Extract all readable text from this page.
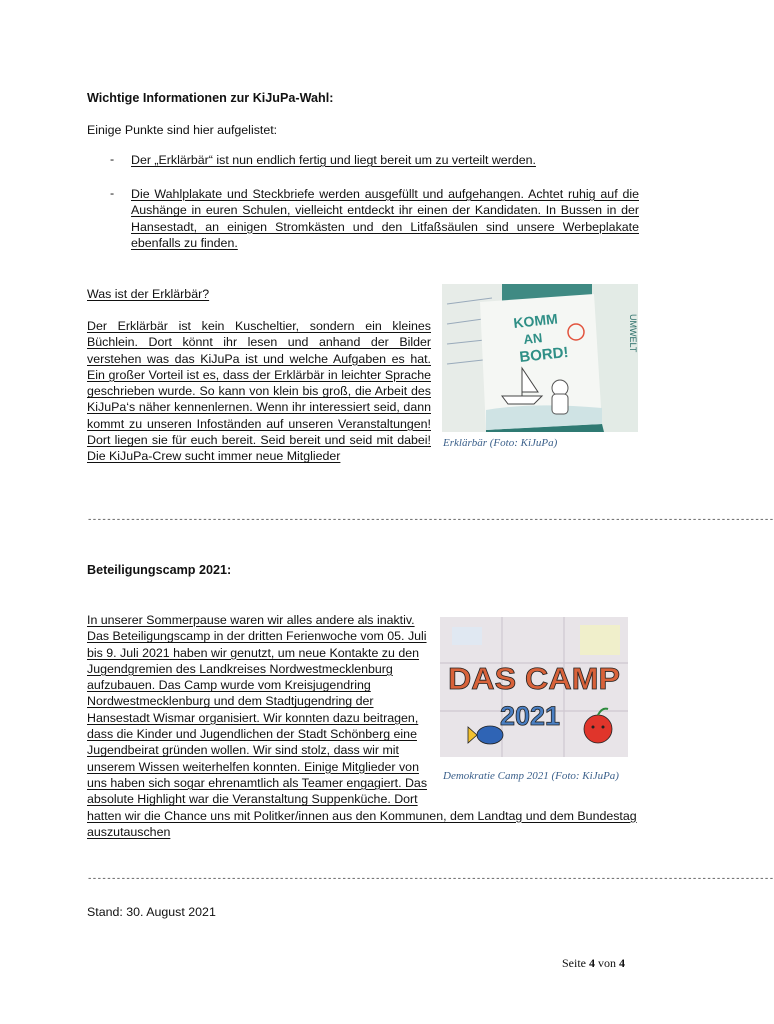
Wichtige Informationen zur KiJuPa-Wahl:
Einige Punkte sind hier aufgelistet:
- Der „Erklärbär“ ist nun endlich fertig und liegt bereit um zu verteilt werden.
- Die Wahlplakate und Steckbriefe werden ausgefüllt und aufgehangen. Achtet ruhig auf die Aushänge in euren Schulen, vielleicht entdeckt ihr einen der Kandidaten. In Bussen in der Hansestadt, an einigen Stromkästen und den Litfaßsäulen sind unsere Werbeplakate ebenfalls zu finden.
Was ist der Erklärbär?
Der Erklärbär ist kein Kuscheltier, sondern ein kleines Büchlein. Dort könnt ihr lesen und anhand der Bilder verstehen was das KiJuPa ist und welche Aufgaben es hat. Ein großer Vorteil ist es, dass der Erklärbär in leichter Sprache geschrieben wurde. So kann von klein bis groß, die Arbeit des KiJuPa‘s näher kennenlernen. Wenn ihr interessiert seid, dann kommt zu unseren Infoständen auf unseren Veranstaltungen! Dort liegen sie für euch bereit. Seid bereit und seid mit dabei! Die KiJuPa-Crew sucht immer neue Mitglieder
UMWELT
KOMM
AN
BORD!
Erklärbär (Foto: KiJuPa)
-----------------------------------------------------------------------------------------------------------------------------------------------
Beteiligungscamp 2021:
In unserer Sommerpause waren wir alles andere als inaktiv.
Das Beteiligungscamp in der dritten Ferienwoche vom 05. Juli
bis 9. Juli 2021 haben wir genutzt, um neue Kontakte zu den
Jugendgremien des Landkreises Nordwestmecklenburg
aufzubauen. Das Camp wurde vom Kreisjugendring
Nordwestmecklenburg und dem Stadtjugendring der
Hansestadt Wismar organisiert. Wir konnten dazu beitragen,
dass die Kinder und Jugendlichen der Stadt Schönberg eine
Jugendbeirat gründen wollen. Wir sind stolz, dass wir mit
unserem Wissen weiterhelfen konnten. Einige Mitglieder von
uns haben sich sogar ehrenamtlich als Teamer engagiert. Das
absolute Highlight war die Veranstaltung Suppenküche. Dort
hatten wir die Chance uns mit Politker/innen aus den Kommunen, dem Landtag und dem Bundestag
auszutauschen
DAS CAMP
2021
Demokratie Camp 2021 (Foto: KiJuPa)
-----------------------------------------------------------------------------------------------------------------------------------------------
Stand: 30. August 2021
Seite 4 von 4
